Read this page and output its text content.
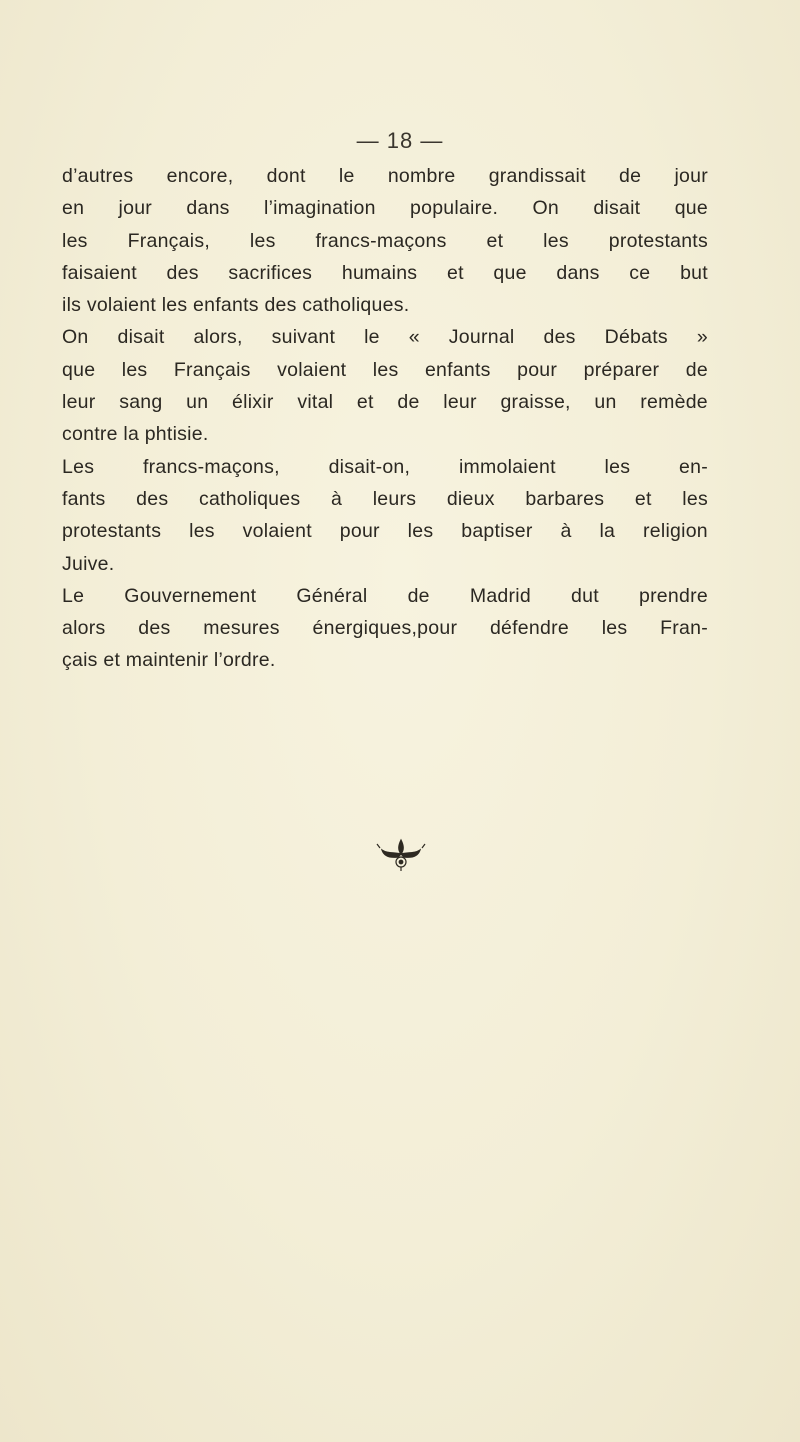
— 18 —
d’autres encore, dont le nombre grandissait de jour
en jour dans l’imagination populaire. On disait que
les Français, les francs-maçons et les protestants
faisaient des sacrifices humains et que dans ce but
ils volaient les enfants des catholiques.
On disait alors, suivant le « Journal des Débats »
que les Français volaient les enfants pour préparer de
leur sang un élixir vital et de leur graisse, un remède
contre la phtisie.
Les	francs-maçons,	disait-on,	immolaient	les	en-
fants des catholiques à leurs dieux barbares et les
protestants les volaient pour les baptiser à la religion
Juive.
Le Gouvernement Général de Madrid dut prendre
alors des mesures énergiques,pour défendre les Fran-
çais et maintenir l’ordre.
